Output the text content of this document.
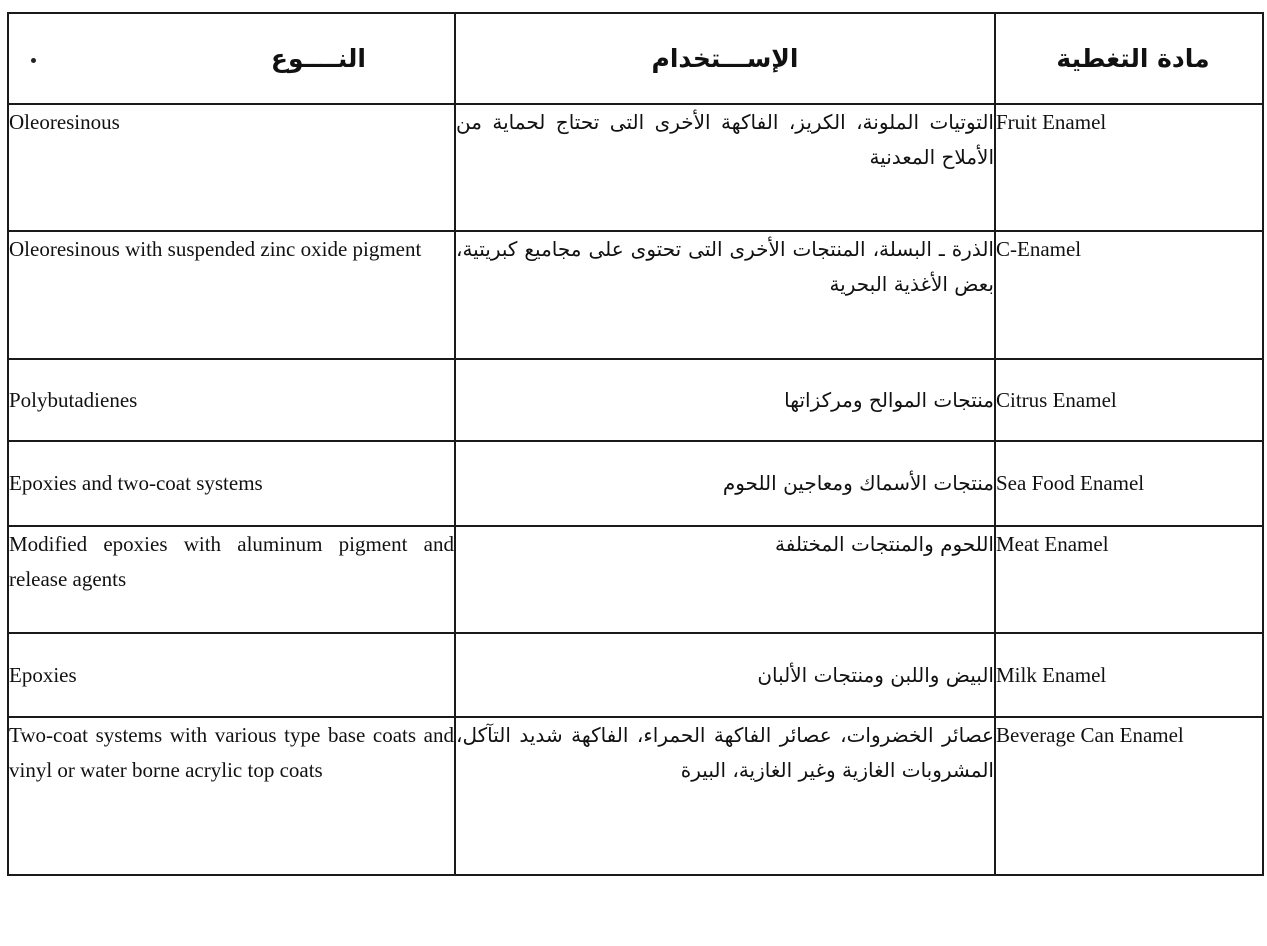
النــــوع	الإســـتخدام	مادة التغطية
Oleoresinous	التوتيات الملونة، الكريز، الفاكهة الأخرى التى تحتاج لحماية من الأملاح المعدنية	Fruit Enamel
Oleoresinous with suspended zinc oxide pigment	الذرة ـ البسلة، المنتجات الأخرى التى تحتوى على مجاميع كبريتية، بعض الأغذية البحرية	C-Enamel
Polybutadienes	منتجات الموالح ومركزاتها	Citrus Enamel
Epoxies and two-coat systems	منتجات الأسماك ومعاجين اللحوم	Sea Food Enamel
Modified epoxies with aluminum pigment and release agents	اللحوم والمنتجات المختلفة	Meat Enamel
Epoxies	البيض واللبن ومنتجات الألبان	Milk Enamel
Two-coat systems with various type base coats and vinyl or water borne acrylic top coats	عصائر الخضروات، عصائر الفاكهة الحمراء، الفاكهة شديد التآكل، المشروبات الغازية وغير الغازية، البيرة	Beverage Can Enamel
